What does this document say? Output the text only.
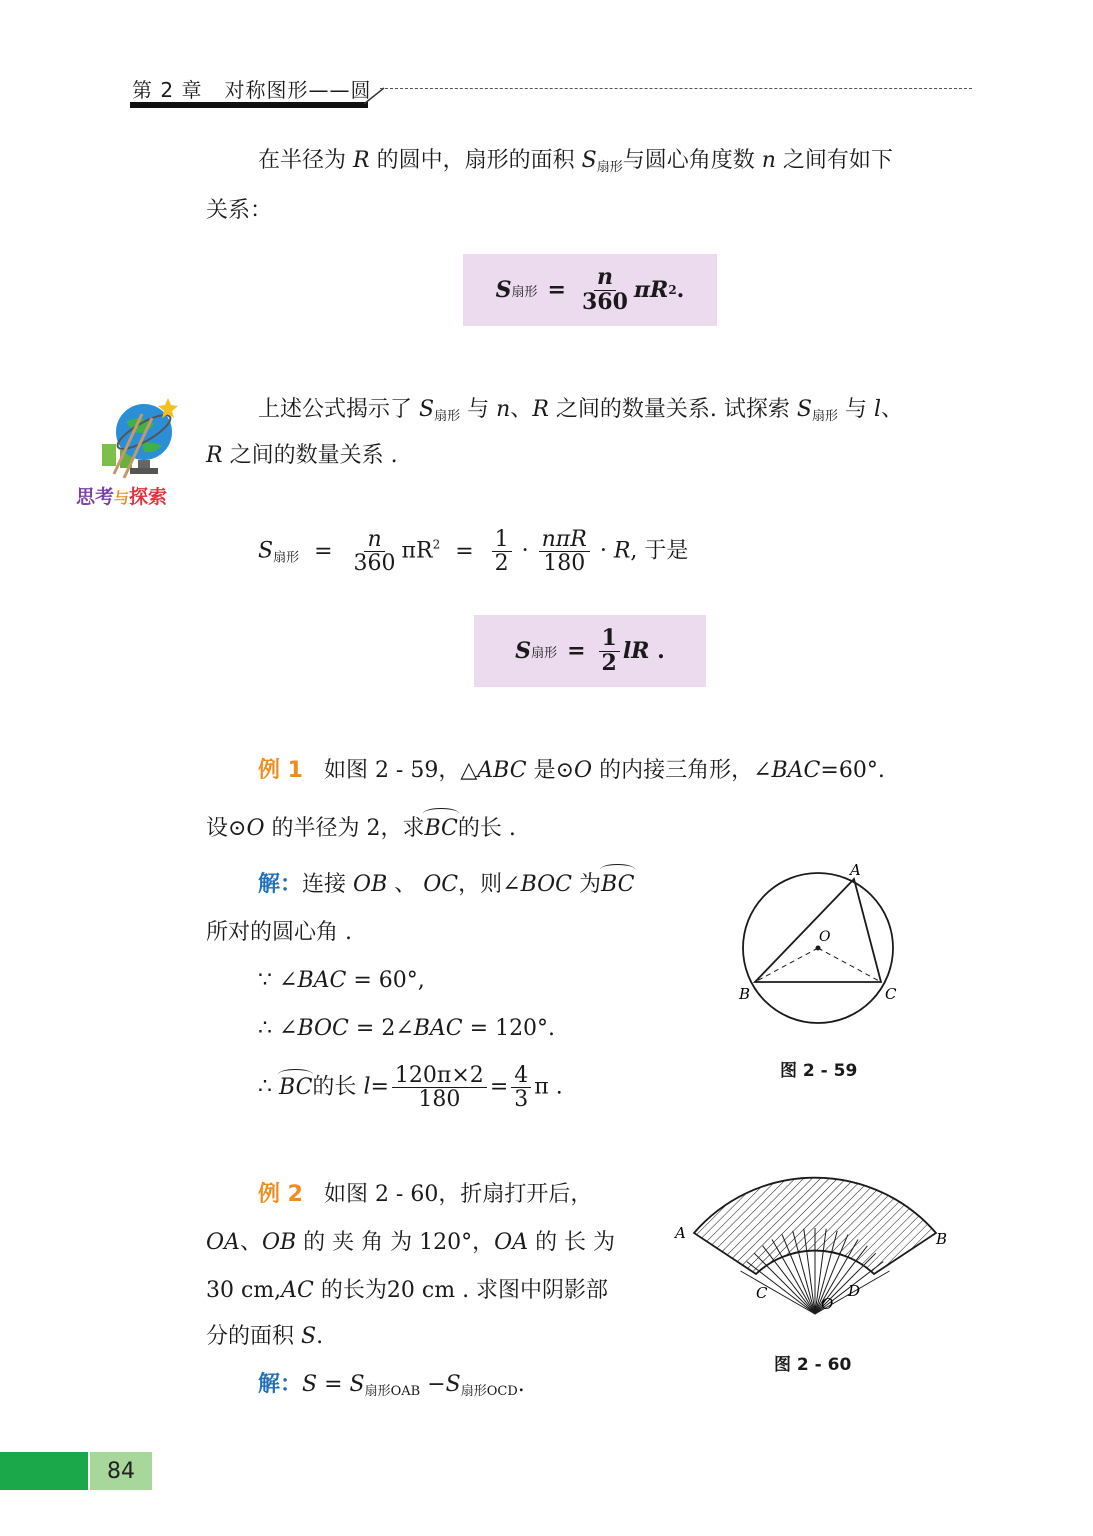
第 2 章 对称图形——圆
在半径为 R 的圆中，扇形的面积 $S_{扇形}$与圆心角度数 n 之间有如下
关系：
S 扇形 = $\frac{n}{360}$ πR 2 .
思考与探索
上述公式揭示了 $S_{扇形}$ 与 n、R 之间的数量关系. 试探索 $S_{扇形}$ 与 l、
R 之间的数量关系 .
$S_{扇形} = \frac{n}{360} \pi R^2 = \frac{1}{2} \cdot \frac{\text{nπR}}{180} \cdot R$, 于是
S 扇形 = $\frac{1}{2}$ lR
.
例 1 如图 2 - 59，△ABC 是⊙O 的内接三角形，∠BAC=60°.
设⊙O 的半径为 2，求BC的长 .
解：连接 OB 、 OC，则∠BOC 为BC
所对的圆心角 .
∵ ∠BAC = 60°,
∴ ∠BOC = 2∠BAC = 120°.
∴ BC的长 $l= \frac{120\pi\times 2}{180} = \frac{4}{3}$ π .
A
B	C
O
图 2 - 59
例 2 如图 2 - 60，折扇打开后，
OA、OB 的 夹 角 为 120°，OA 的 长 为
30 cm,AC 的长为20 cm . 求图中阴影部
分的面积 S.
解：$S = S_{扇形OAB} -S_{扇形OCD}$.
A	B
C	D
O
图 2 - 60
84
